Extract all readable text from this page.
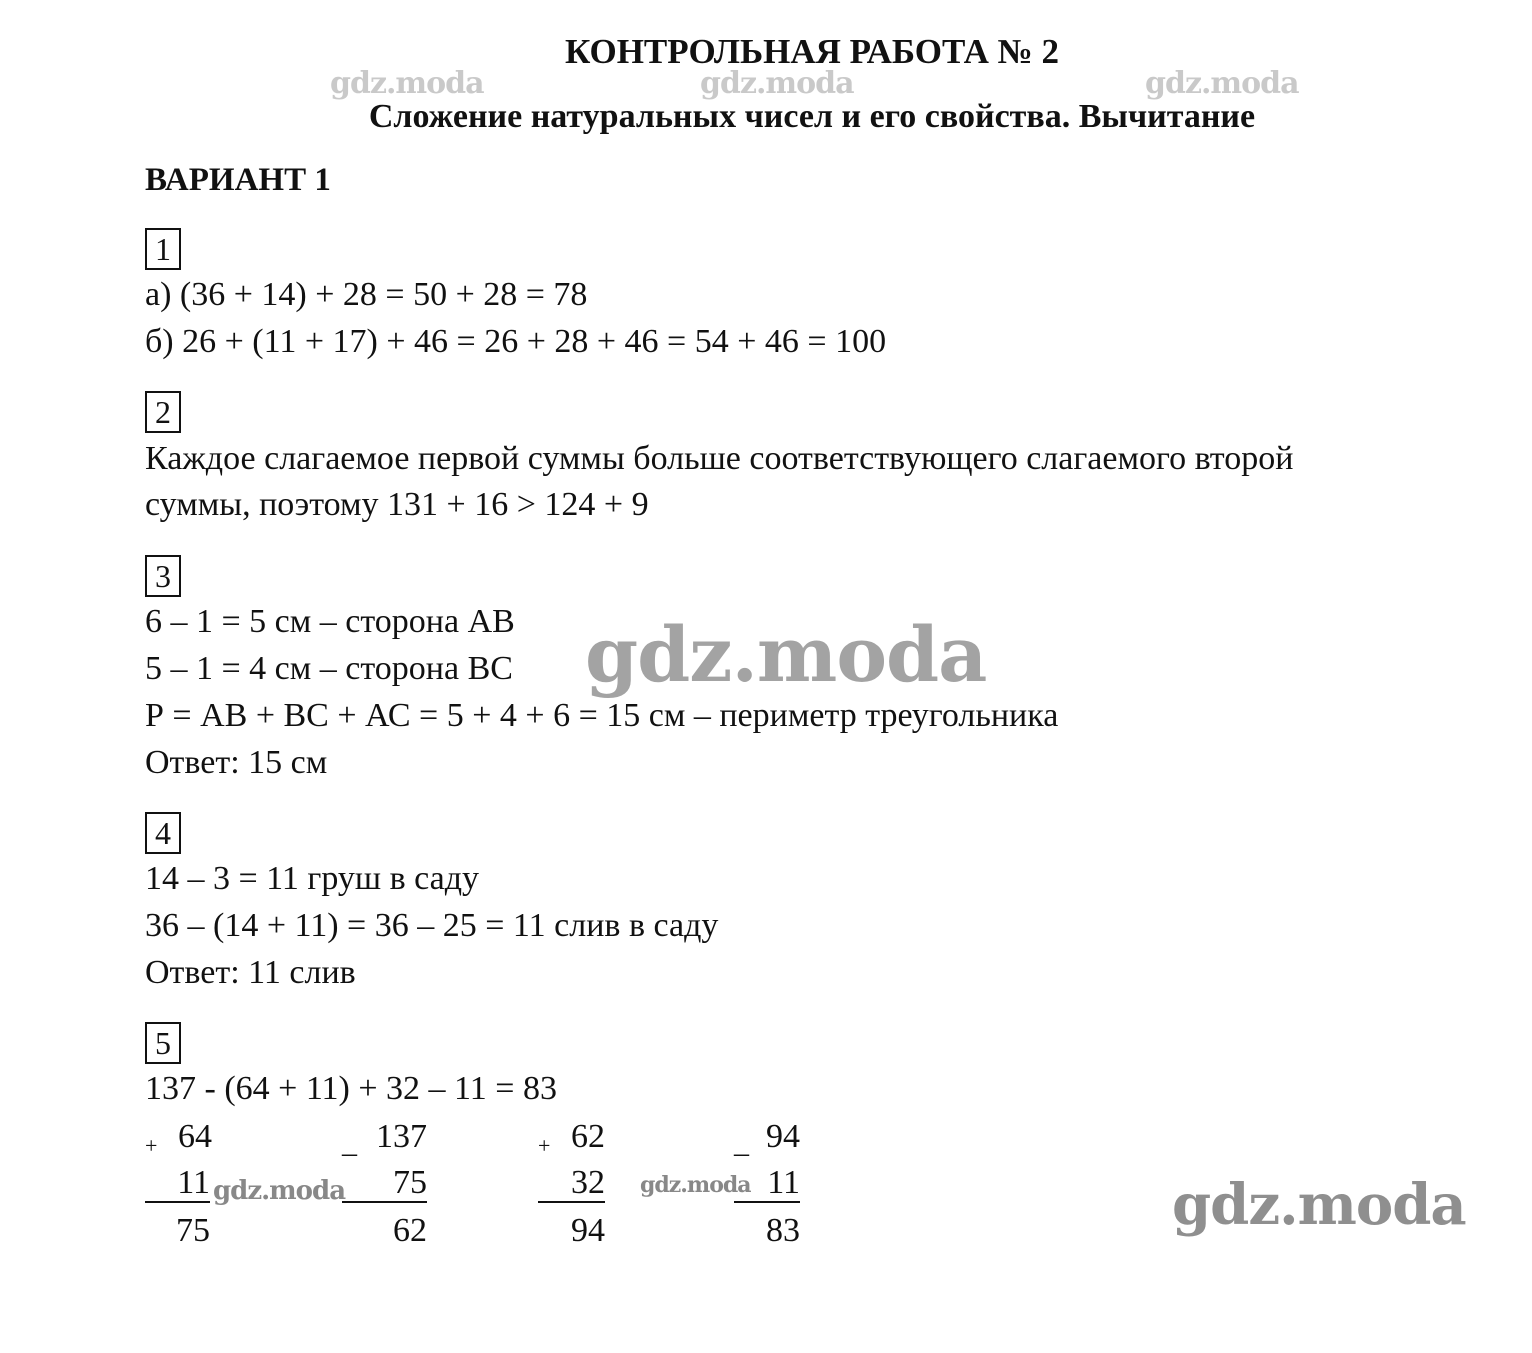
КОНТРОЛЬНАЯ РАБОТА № 2
Сложение натуральных чисел и его свойства. Вычитание
gdz.moda	gdz.moda	gdz.moda
ВАРИАНТ 1
1
а) (36 + 14) + 28 = 50 + 28 = 78
б) 26 + (11 + 17) + 46 = 26 + 28 + 46 = 54 + 46 = 100
2
Каждое слагаемое первой суммы больше соответствующего слагаемого второй
суммы, поэтому 131 + 16 > 124 + 9
3
6 – 1 = 5 см – сторона АВ
5 – 1 = 4 см – сторона ВС
Р = АВ + ВС + АС = 5 + 4 + 6 = 15 см – периметр треугольника
Ответ: 15 см
gdz.moda
4
14 – 3 = 11 груш в саду
36 – (14 + 11) = 36 – 25 = 11 слив в саду
Ответ: 11 слив
5
137 - (64 + 11) + 32 – 11 = 83
+ 64
11
75
_ 137
75
62
gdz.moda
+ 62
32
94
gdz.moda
_ 94
11
83	gdz.moda
